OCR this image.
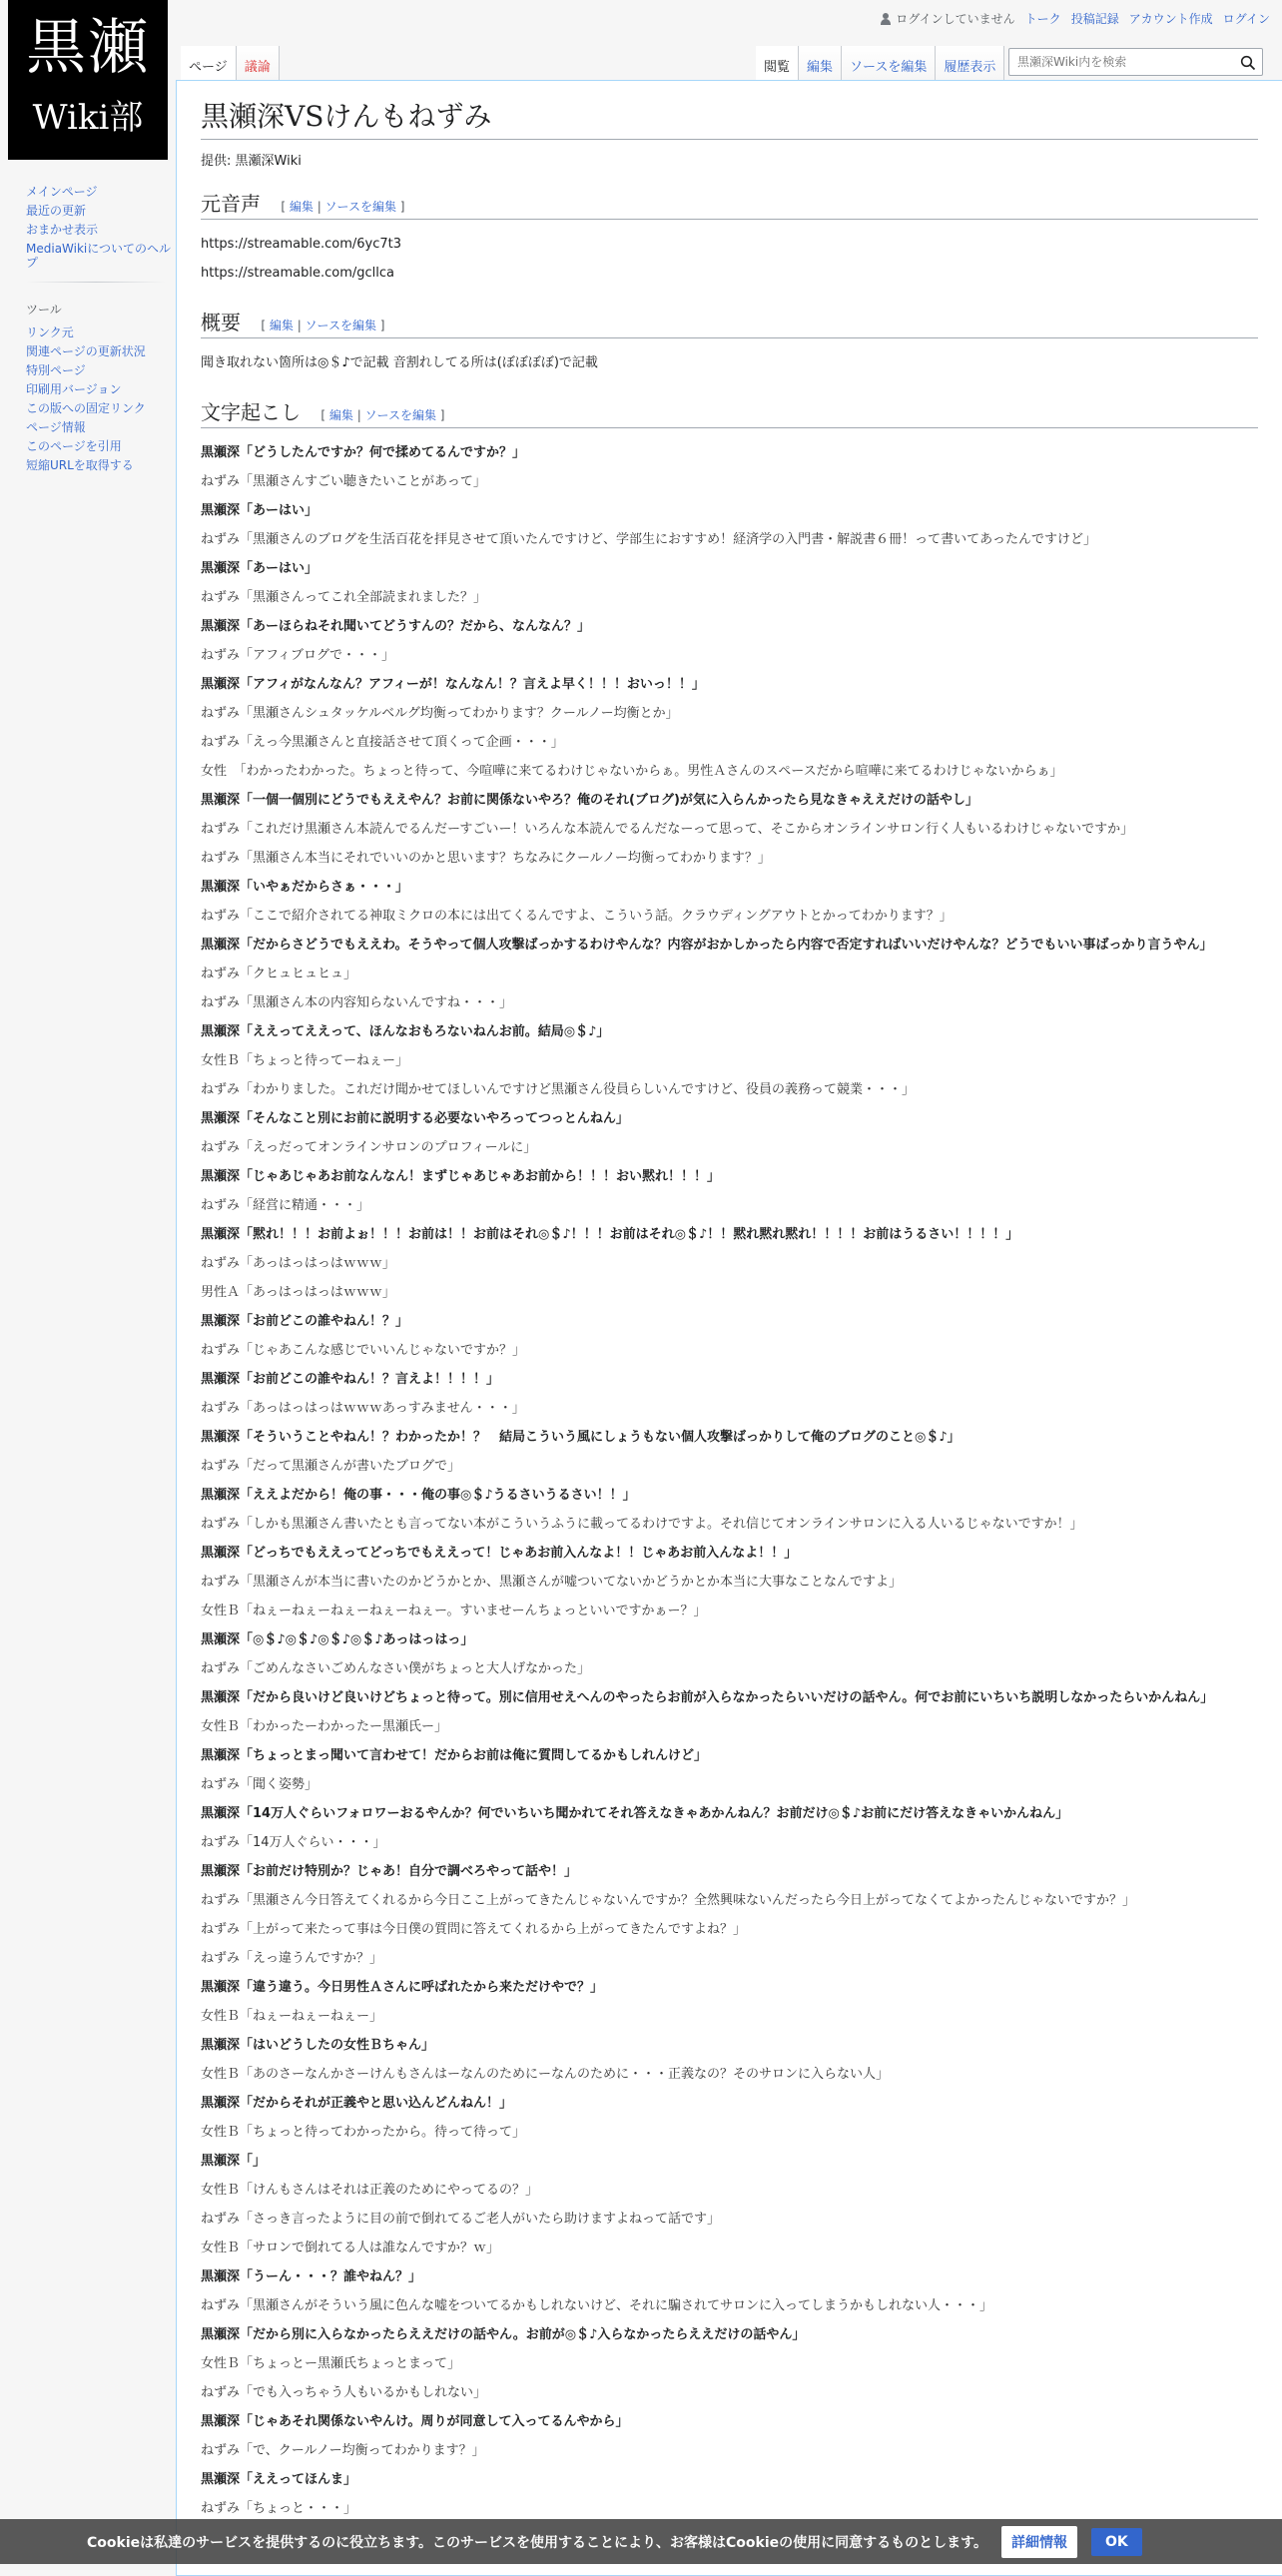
黒瀬
Wiki部
ログインしていません トーク 投稿記録 アカウント作成 ログイン
ページ	議論	閲覧	編集	ソースを編集	履歴表示
黒瀬深Wiki内を検索
メインページ
最近の更新
おまかせ表示
MediaWikiについてのヘルプ
ツール
リンク元
関連ページの更新状況
特別ページ
印刷用バージョン
この版への固定リンク
ページ情報
このページを引用
短縮URLを取得する
黒瀬深VSけんもねずみ
提供: 黒瀬深Wiki
元音声 [ 編集 | ソースを編集 ]

https://streamable.com/6yc7t3

https://streamable.com/gcllca

概要 [ 編集 | ソースを編集 ]

聞き取れない箇所は◎＄♪で記載 音割れしてる所は(ぼぼぼぼ)で記載

文字起こし [ 編集 | ソースを編集 ]

黒瀬深「どうしたんですか？何で揉めてるんですか？」

ねずみ「黒瀬さんすごい聴きたいことがあって」

黒瀬深「あーはい」

ねずみ「黒瀬さんのブログを生活百花を拝見させて頂いたんですけど、学部生におすすめ！経済学の入門書・解説書６冊！って書いてあったんですけど」

黒瀬深「あーはい」

ねずみ「黒瀬さんってこれ全部読まれました？」

黒瀬深「あーほらねそれ聞いてどうすんの？だから、なんなん？」

ねずみ「アフィブログで・・・」

黒瀬深「アフィがなんなん？アフィーが！なんなん！？言えよ早く！！！おいっ！！」

ねずみ「黒瀬さんシュタッケルベルグ均衡ってわかります？クールノー均衡とか」

ねずみ「えっ今黒瀬さんと直接話させて頂くって企画・・・」

女性　「わかったわかった。ちょっと待って、今喧嘩に来てるわけじゃないからぁ。男性Ａさんのスペースだから喧嘩に来てるわけじゃないからぁ」

黒瀬深「一個一個別にどうでもええやん？お前に関係ないやろ？俺のそれ(ブログ)が気に入らんかったら見なきゃええだけの話やし」

ねずみ「これだけ黒瀬さん本読んでるんだーすごいー！いろんな本読んでるんだなーって思って、そこからオンラインサロン行く人もいるわけじゃないですか」

ねずみ「黒瀬さん本当にそれでいいのかと思います？ちなみにクールノー均衡ってわかります？」

黒瀬深「いやぁだからさぁ・・・」

ねずみ「ここで紹介されてる神取ミクロの本には出てくるんですよ、こういう話。クラウディングアウトとかってわかります？」

黒瀬深「だからさどうでもええわ。そうやって個人攻撃ばっかするわけやんな？内容がおかしかったら内容で否定すればいいだけやんな？どうでもいい事ばっかり言うやん」

ねずみ「クヒュヒュヒュ」

ねずみ「黒瀬さん本の内容知らないんですね・・・」

黒瀬深「ええってええって、ほんなおもろないねんお前。結局◎＄♪」

女性Ｂ「ちょっと待ってーねぇー」

ねずみ「わかりました。これだけ聞かせてほしいんですけど黒瀬さん役員らしいんですけど、役員の義務って競業・・・」

黒瀬深「そんなこと別にお前に説明する必要ないやろってつっとんねん」

ねずみ「えっだってオンラインサロンのプロフィールに」

黒瀬深「じゃあじゃあお前なんなん！まずじゃあじゃあお前から！！！おい黙れ！！！」

ねずみ「経営に精通・・・」

黒瀬深「黙れ！！！お前よぉ！！！お前は！！お前はそれ◎＄♪！！！お前はそれ◎＄♪！！黙れ黙れ黙れ！！！！お前はうるさい！！！！」

ねずみ「あっはっはっはｗｗｗ」

男性Ａ「あっはっはっはｗｗｗ」

黒瀬深「お前どこの誰やねん！？」

ねずみ「じゃあこんな感じでいいんじゃないですか？」

黒瀬深「お前どこの誰やねん！？言えよ！！！！」

ねずみ「あっはっはっはｗｗｗあっすみません・・・」

黒瀬深「そういうことやねん！？わかったか！？　結局こういう風にしょうもない個人攻撃ばっかりして俺のブログのこと◎＄♪」

ねずみ「だって黒瀬さんが書いたブログで」

黒瀬深「ええよだから！俺の事・・・俺の事◎＄♪うるさいうるさい！！」

ねずみ「しかも黒瀬さん書いたとも言ってない本がこういうふうに載ってるわけですよ。それ信じてオンラインサロンに入る人いるじゃないですか！」

黒瀬深「どっちでもええってどっちでもええって！じゃあお前入んなよ！！じゃあお前入んなよ！！」

ねずみ「黒瀬さんが本当に書いたのかどうかとか、黒瀬さんが嘘ついてないかどうかとか本当に大事なことなんですよ」

女性Ｂ「ねぇーねぇーねぇーねぇーねぇー。すいませーんちょっといいですかぁー？」

黒瀬深「◎＄♪◎＄♪◎＄♪◎＄♪あっはっはっ」

ねずみ「ごめんなさいごめんなさい僕がちょっと大人げなかった」

黒瀬深「だから良いけど良いけどちょっと待って。別に信用せえへんのやったらお前が入らなかったらいいだけの話やん。何でお前にいちいち説明しなかったらいかんねん」

女性Ｂ「わかったーわかったー黒瀬氏ー」

黒瀬深「ちょっとまっ聞いて言わせて！だからお前は俺に質問してるかもしれんけど」

ねずみ「聞く姿勢」

黒瀬深「14万人ぐらいフォロワーおるやんか？何でいちいち聞かれてそれ答えなきゃあかんねん？お前だけ◎＄♪お前にだけ答えなきゃいかんねん」

ねずみ「14万人ぐらい・・・」

黒瀬深「お前だけ特別か？じゃあ！自分で調べろやって話や！」

ねずみ「黒瀬さん今日答えてくれるから今日ここ上がってきたんじゃないんですか？全然興味ないんだったら今日上がってなくてよかったんじゃないですか？」

ねずみ「上がって来たって事は今日僕の質問に答えてくれるから上がってきたんですよね？」

ねずみ「えっ違うんですか？」

黒瀬深「違う違う。今日男性Ａさんに呼ばれたから来ただけやで？」

女性Ｂ「ねぇーねぇーねぇー」

黒瀬深「はいどうしたの女性Ｂちゃん」

女性Ｂ「あのさーなんかさーけんもさんはーなんのためにーなんのために・・・正義なの？そのサロンに入らない人」

黒瀬深「だからそれが正義やと思い込んどんねん！」

女性Ｂ「ちょっと待ってわかったから。待って待って」

黒瀬深「」

女性Ｂ「けんもさんはそれは正義のためにやってるの？」

ねずみ「さっき言ったように目の前で倒れてるご老人がいたら助けますよねって話です」

女性Ｂ「サロンで倒れてる人は誰なんですか？ｗ」

黒瀬深「うーん・・・？誰やねん？」

ねずみ「黒瀬さんがそういう風に色んな嘘をついてるかもしれないけど、それに騙されてサロンに入ってしまうかもしれない人・・・」

黒瀬深「だから別に入らなかったらええだけの話やん。お前が◎＄♪入らなかったらええだけの話やん」

女性Ｂ「ちょっとー黒瀬氏ちょっとまって」

ねずみ「でも入っちゃう人もいるかもしれない」

黒瀬深「じゃあそれ関係ないやんけ。周りが同意して入ってるんやから」

ねずみ「で、クールノー均衡ってわかります？」

黒瀬深「ええってほんま」

ねずみ「ちょっと・・・」

Cookieは私達のサービスを提供するのに役立ちます。このサービスを使用することにより、お客様はCookieの使用に同意するものとします。	詳細情報	OK
